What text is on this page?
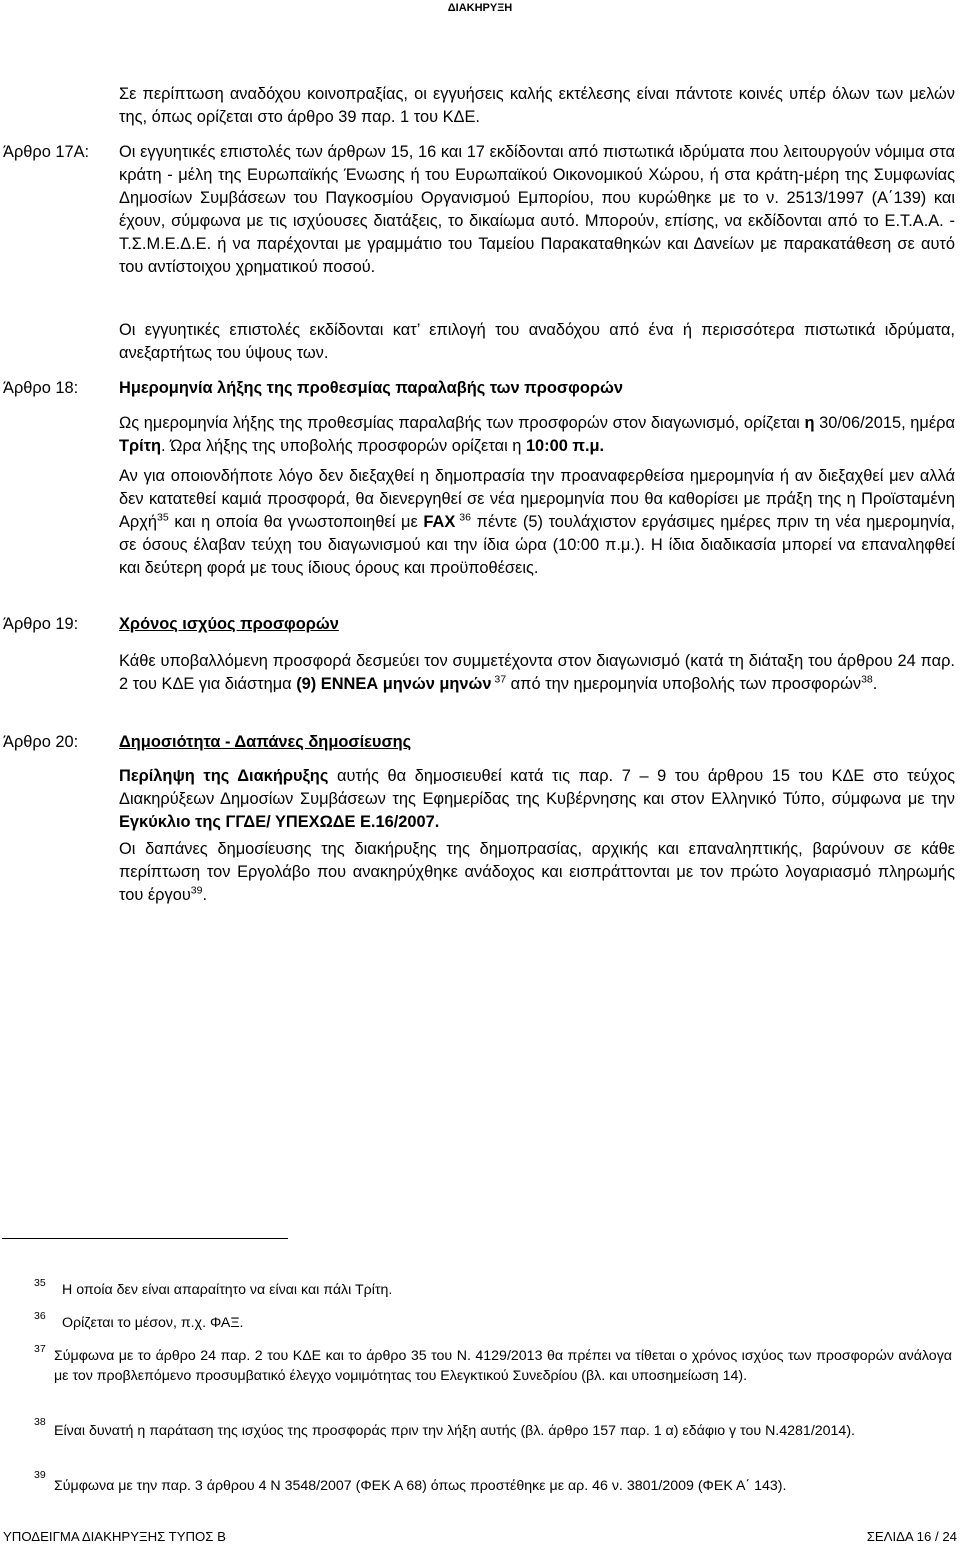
ΔΙΑΚΗΡΥΞΗ
Σε περίπτωση αναδόχου κοινοπραξίας, οι εγγυήσεις καλής εκτέλεσης είναι πάντοτε κοινές υπέρ όλων των μελών της, όπως ορίζεται στο άρθρο 39 παρ. 1 του ΚΔΕ.
Άρθρο 17Α: Οι εγγυητικές επιστολές των άρθρων 15, 16 και 17 εκδίδονται από πιστωτικά ιδρύματα που λειτουργούν νόμιμα στα κράτη - μέλη της Ευρωπαϊκής Ένωσης ή του Ευρωπαϊκού Οικονομικού Χώρου, ή στα κράτη-μέρη της Συμφωνίας Δημοσίων Συμβάσεων του Παγκοσμίου Οργανισμού Εμπορίου, που κυρώθηκε με το ν. 2513/1997 (Α΄139) και έχουν, σύμφωνα με τις ισχύουσες διατάξεις, το δικαίωμα αυτό. Μπορούν, επίσης, να εκδίδονται από το Ε.Τ.Α.Α. - Τ.Σ.Μ.Ε.Δ.Ε. ή να παρέχονται με γραμμάτιο του Ταμείου Παρακαταθηκών και Δανείων με παρακατάθεση σε αυτό του αντίστοιχου χρηματικού ποσού.
Οι εγγυητικές επιστολές εκδίδονται κατ’ επιλογή του αναδόχου από ένα ή περισσότερα πιστωτικά ιδρύματα, ανεξαρτήτως του ύψους των.
Άρθρο 18: Ημερομηνία λήξης της προθεσμίας παραλαβής των προσφορών
Ως ημερομηνία λήξης της προθεσμίας παραλαβής των προσφορών στον διαγωνισμό, ορίζεται η 30/06/2015, ημέρα Τρίτη. Ώρα λήξης της υποβολής προσφορών ορίζεται η 10:00 π.μ.
Αν για οποιονδήποτε λόγο δεν διεξαχθεί η δημοπρασία την προαναφερθείσα ημερομηνία ή αν διεξαχθεί μεν αλλά δεν κατατεθεί καμιά προσφορά, θα διενεργηθεί σε νέα ημερομηνία που θα καθορίσει με πράξη της η Προϊσταμένη Αρχή$^{35}$ και η οποία θα γνωστοποιηθεί με FAX $^{36}$ πέντε (5) τουλάχιστον εργάσιμες ημέρες πριν τη νέα ημερομηνία, σε όσους έλαβαν τεύχη του διαγωνισμού και την ίδια ώρα (10:00 π.μ.). Η ίδια διαδικασία μπορεί να επαναληφθεί και δεύτερη φορά με τους ίδιους όρους και προϋποθέσεις.
Άρθρο 19: Χρόνος ισχύος προσφορών
Κάθε υποβαλλόμενη προσφορά δεσμεύει τον συμμετέχοντα στον διαγωνισμό (κατά τη διάταξη του άρθρου 24 παρ. 2 του ΚΔΕ για διάστημα (9) ΕΝΝΕΑ μηνών μηνών $^{37}$ από την ημερομηνία υποβολής των προσφορών$^{38}$.
Άρθρο 20: Δημοσιότητα - Δαπάνες δημοσίευσης
Περίληψη της Διακήρυξης αυτής θα δημοσιευθεί κατά τις παρ. 7 – 9 του άρθρου 15 του ΚΔΕ στο τεύχος Διακηρύξεων Δημοσίων Συμβάσεων της Εφημερίδας της Κυβέρνησης και στον Ελληνικό Τύπο, σύμφωνα με την Εγκύκλιο της ΓΓΔΕ/ ΥΠΕΧΩΔΕ Ε.16/2007.
Οι δαπάνες δημοσίευσης της διακήρυξης της δημοπρασίας, αρχικής και επαναληπτικής, βαρύνουν σε κάθε περίπτωση τον Εργολάβο που ανακηρύχθηκε ανάδοχος και εισπράττονται με τον πρώτο λογαριασμό πληρωμής του έργου$^{39}$.
35 Η οποία δεν είναι απαραίτητο να είναι και πάλι Τρίτη.
36 Ορίζεται το μέσον, π.χ. ΦΑΞ.
37 Σύμφωνα με το άρθρο 24 παρ. 2 του ΚΔΕ και το άρθρο 35 του Ν. 4129/2013 θα πρέπει να τίθεται ο χρόνος ισχύος των προσφορών ανάλογα με τον προβλεπόμενο προσυμβατικό έλεγχο νομιμότητας του Ελεγκτικού Συνεδρίου (βλ. και υποσημείωση 14).
38
Είναι δυνατή η παράταση της ισχύος της προσφοράς πριν την λήξη αυτής (βλ. άρθρο 157 παρ. 1 α) εδάφιο γ του Ν.4281/2014).
39
Σύμφωνα με την παρ. 3 άρθρου 4 Ν 3548/2007 (ΦΕΚ Α 68) όπως προστέθηκε με αρ. 46 ν. 3801/2009 (ΦΕΚ Α΄ 143).
ΥΠΟΔΕΙΓΜΑ ΔΙΑΚΗΡΥΞΗΣ ΤΥΠΟΣ Β	ΣΕΛΙΔΑ 16 / 24
